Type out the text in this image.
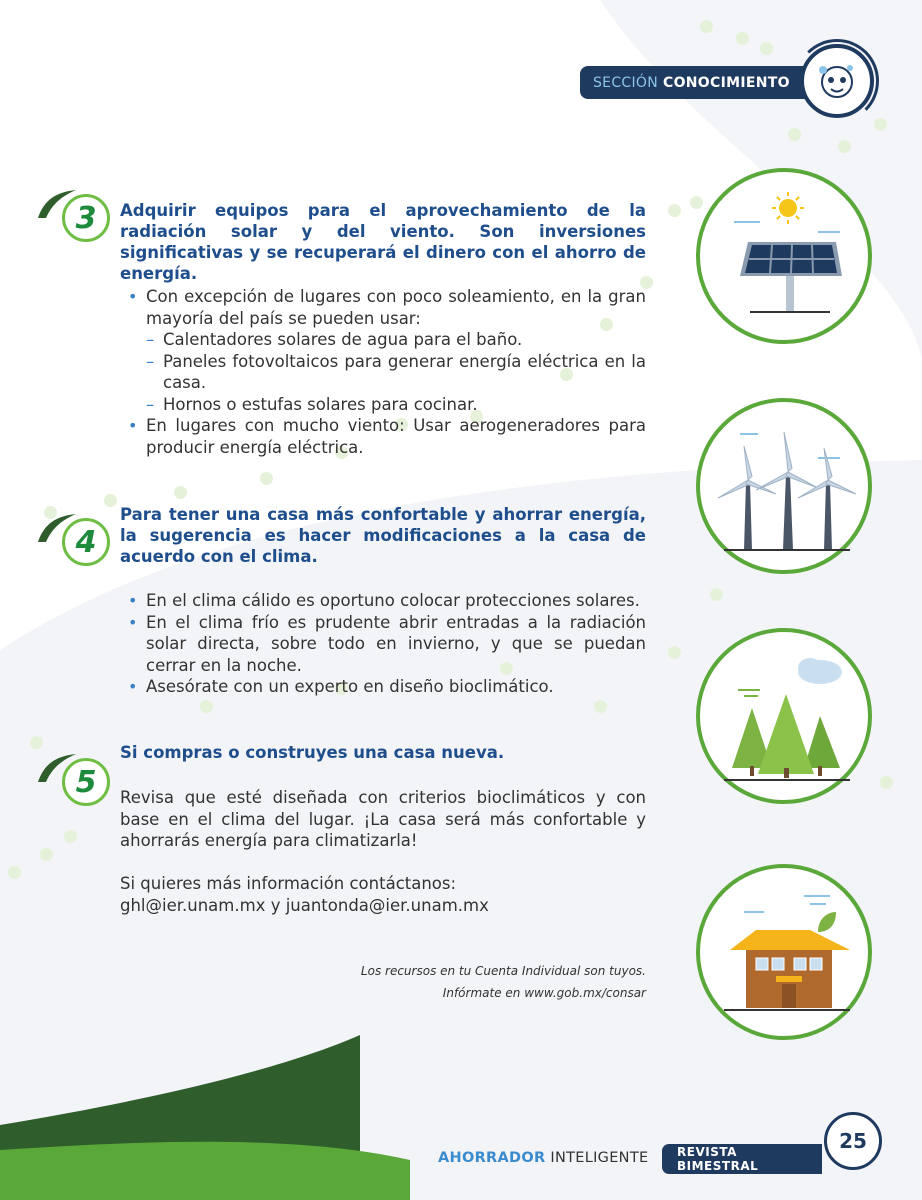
SECCIÓN CONOCIMIENTO
3	Adquirir equipos para el aprovechamiento de la radiación solar y del viento. Son inversiones significativas y se recuperará el dinero con el ahorro de energía.
• Con excepción de lugares con poco soleamiento, en la gran mayoría del país se pueden usar:
– Calentadores solares de agua para el baño.
– Paneles fotovoltaicos para generar energía eléctrica en la casa.
– Hornos o estufas solares para cocinar.
• En lugares con mucho viento: Usar aerogeneradores para producir energía eléctrica.
4
Para tener una casa más confortable y ahorrar energía, la sugerencia es hacer modificaciones a la casa de acuerdo con el clima.
• En el clima cálido es oportuno colocar protecciones solares.
• En el clima frío es prudente abrir entradas a la radiación solar directa, sobre todo en invierno, y que se puedan cerrar en la noche.
• Asesórate con un experto en diseño bioclimático.
5
Si compras o construyes una casa nueva.

Revisa que esté diseñada con criterios bioclimáticos y con base en el clima del lugar. ¡La casa será más confortable y ahorrarás energía para climatizarla!

Si quieres más información contáctanos:

ghl@ier.unam.mx y juantonda@ier.unam.mx

Los recursos en tu Cuenta Individual son tuyos.
Infórmate en www.gob.mx/consar
AHORRADOR INTELIGENTE	REVISTA BIMESTRAL
25
